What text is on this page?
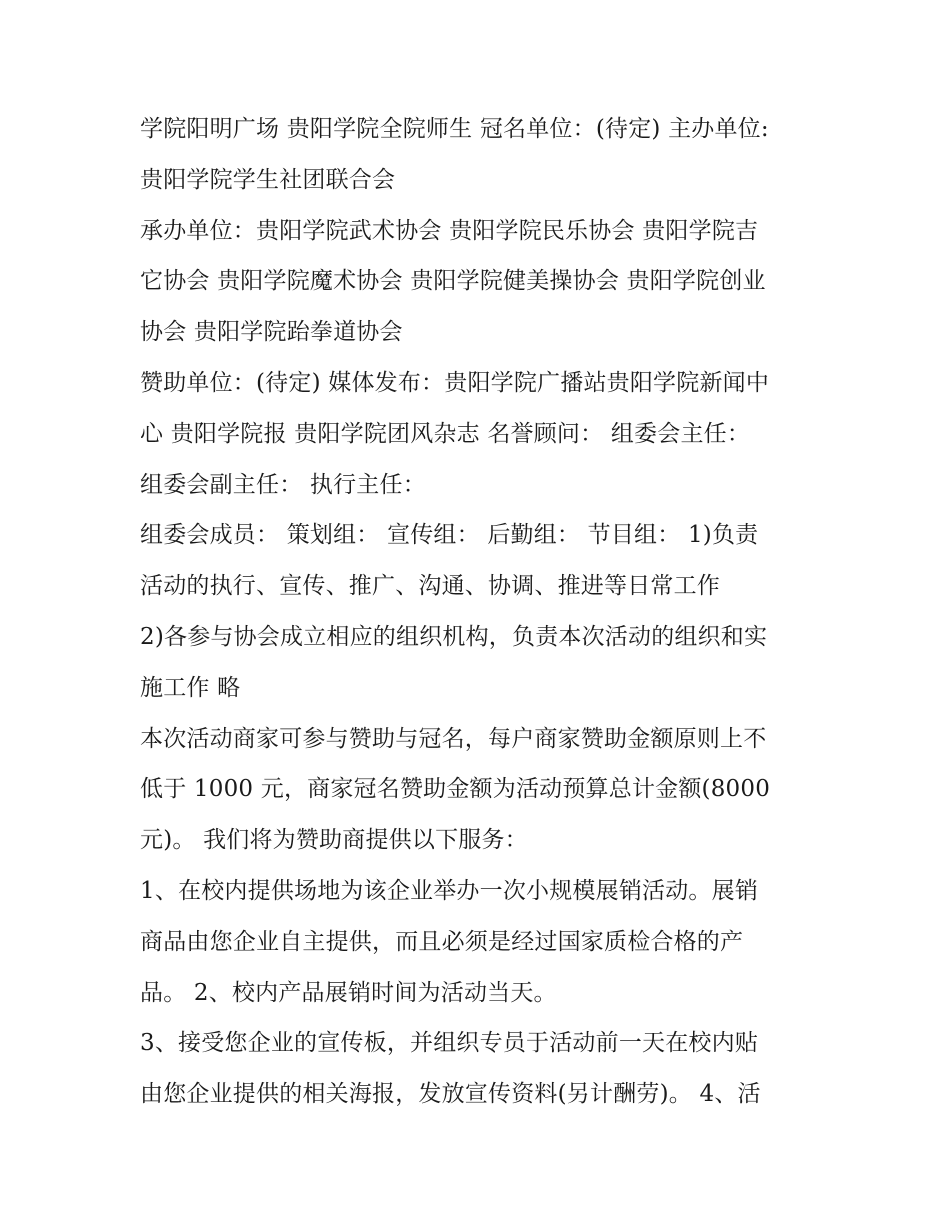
学院阳明广场 贵阳学院全院师生 冠名单位：(待定) 主办单位:
贵阳学院学生社团联合会
承办单位：贵阳学院武术协会 贵阳学院民乐协会 贵阳学院吉
它协会 贵阳学院魔术协会 贵阳学院健美操协会 贵阳学院创业
协会 贵阳学院跆拳道协会
赞助单位：(待定) 媒体发布：贵阳学院广播站贵阳学院新闻中
心 贵阳学院报 贵阳学院团风杂志 名誉顾问： 组委会主任：
组委会副主任： 执行主任：
组委会成员： 策划组： 宣传组： 后勤组： 节目组： 1)负责
活动的执行、宣传、推广、沟通、协调、推进等日常工作
2)各参与协会成立相应的组织机构，负责本次活动的组织和实
施工作 略
本次活动商家可参与赞助与冠名，每户商家赞助金额原则上不
低于 1000 元，商家冠名赞助金额为活动预算总计金额(8000
元)。 我们将为赞助商提供以下服务：
1、在校内提供场地为该企业举办一次小规模展销活动。展销
商品由您企业自主提供，而且必须是经过国家质检合格的产
品。 2、校内产品展销时间为活动当天。
3、接受您企业的宣传板，并组织专员于活动前一天在校内贴
由您企业提供的相关海报，发放宣传资料(另计酬劳)。 4、活
